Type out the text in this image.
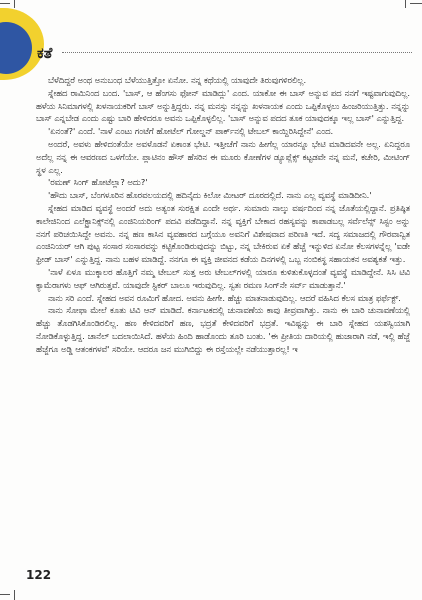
ಕತೆ

ಬೆಳೆದಿದ್ದರೆ ಅಂಥ ಅನುಬಂಧ ಬೆಳೆಯುತ್ತಿತ್ತೋ ಏನೋ. ನನ್ನ ಕಥೆಯಲ್ಲಿ ಯಾವುದೇ ತಿರುವುಗಳಿರಲಿಲ್ಲ.

ಸ್ನೇಹದ ರಾಮಿನಿಂದ ಬಂದ. 'ಬಾಸ್, ಆ ಹೆಂಗಸು ಫೋನ್ ಮಾಡಿದ್ಲು' ಎಂದ. ಯಾಕೋ ಈ ಬಾಸ್ ಅನ್ನುವ ಪದ ನನಗೆ ಇಷ್ಟವಾಗುವುದಿಲ್ಲ. ಹಳೆಯ ಸಿನಿಮಾಗಳಲ್ಲಿ ಖಳನಾಯಕರಿಗೆ ಬಾಸ್ ಅನ್ನುತ್ತಿದ್ದರು. ನನ್ನ ಮನಸ್ಸು ನನ್ನನ್ನು ಖಳನಾಯಕ ಎಂದು ಒಪ್ಪಿಕೊಳ್ಳಲು ಹಿಂಜರಿಯುತ್ತಿತ್ತು. ನನ್ನನ್ನು ಬಾಸ್ ಎನ್ನಬೇಡ ಎಂದು ಎಷ್ಟು ಬಾರಿ ಹೇಳಿದರೂ ಅವನು ಒಪ್ಪಿಕೊಳ್ಳಲಿಲ್ಲ. 'ಬಾಸ್ ಅನ್ನುವ ಪದದ ತೂಕ ಯಾವುದಕ್ಕೂ ಇಲ್ಲ ಬಾಸ್' ಎನ್ನುತ್ತಿದ್ದ.

'ಏನಂತೆ?' ಎಂದೆ. 'ನಾಳೆ ಎಂಟು ಗಂಟೆಗೆ ಹೋಟೆಲ್ ಗೋಲ್ಡನ್ ಪಾರ್ಕ್‌ನಲ್ಲಿ ಟೇಬಲ್ ಕಾಯ್ದಿರಿಸಿದ್ದೇನೆ' ಎಂದ.

ಅಂದರೆ, ಅವಳು ಹೇಳಿದಂತೆಯೇ ಅವಳೊಡನೆ ಏಕಾಂತ ಭೇಟಿ. ಇತ್ತೀಚೆಗೆ ನಾನು ಹೀಗೆಲ್ಲ ಯಾರನ್ನೂ ಭೇಟಿ ಮಾಡಿದವನೇ ಅಲ್ಲ. ಏನಿದ್ದರೂ ಅದೆಲ್ಲ ನನ್ನ ಈ ಆವರಣದ ಒಳಗೆಯೇ. ಪ್ಲಾಟಿನಂ ಹೌಸ್ ಹೆಸರಿನ ಈ ಮೂರು ಕೋಣೆಗಳ ಡ್ಯೂಪ್ಲೆಕ್ಸ್ ಕಟ್ಟಡವೇ ನನ್ನ ಮನೆ, ಕಚೇರಿ, ಮೀಟಿಂಗ್ ಸ್ಥಳ ಎಲ್ಲ.

'ರಮಣ್ ಸಿಂಗ್ ಹೋಟೆಲ್ಲಾ? ಅದು?'

'ಹೌದು ಬಾಸ್, ಬೆಂಗಳೂರಿನ ಹೊರವಲಯದಲ್ಲಿ ಹದಿನೈದು ಕಿಲೋ ಮೀಟರ್ ದೂರದಲ್ಲಿದೆ. ನಾನು ಎಲ್ಲ ವ್ಯವಸ್ಥೆ ಮಾಡಿದೀನಿ.'

ಸ್ನೇಹದ ಮಾಡಿದ ವ್ಯವಸ್ಥೆ ಅಂದರೆ ಅದು ಅತ್ಯಂತ ಸುರಕ್ಷಿತ ಎಂದೇ ಅರ್ಥ. ಸುಮಾರು ನಾಲ್ಕು ವರ್ಷದಿಂದ ನನ್ನ ಜೊತೆಯಲ್ಲಿದ್ದಾನೆ. ಪ್ರತಿಷ್ಠಿತ ಕಾಲೇಜಿನಿಂದ ಎಲೆಕ್ಟ್ರಾನಿಕ್ಸ್‌ನಲ್ಲಿ ಎಂಜಿನಿಯರಿಂಗ್ ಪದವಿ ಪಡೆದಿದ್ದಾನೆ. ನನ್ನ ವ್ಯಕ್ತಿಗೆ ಬೇಕಾದ ರಹಸ್ಯವನ್ನು ಕಾಪಾಡಬಲ್ಲ ಸರ್ವೆಲೆನ್ಸ್ ಸಿಸ್ಟಂ ಅನ್ನು ನನಗೆ ಪರಿಚಯಿಸಿದ್ದೇ ಅವನು. ನನ್ನ ಹಣ ಕಾಸಿನ ವ್ಯವಹಾರದ ಬಗ್ಗೆಯೂ ಅವನಿಗೆ ವಿಶೇಷವಾದ ಪರಿಣತಿ ಇದೆ. ಸದ್ಯ ಸಮಾಜದಲ್ಲಿ ಗೌರವಾನ್ವಿತ ಎಂಜಿನಿಯರ್ ಆಗಿ ಪುಟ್ಟ ಸಂಸಾರ ಸಂಸಾರವನ್ನು ಕಟ್ಟಿಕೊಂಡಿರುವುದನ್ನು ಬಿಟ್ಟು, ನನ್ನ ಬೇಕಿರುವ ಏಕೆ ಹೆಚ್ಚೆ ಇನ್ನುಳಿದ ಏನೋ ಕೆಲಸಗಳನ್ನೆಲ್ಲ 'ಐಡೇ ಫ್ರೀಡ್ ಬಾಸ್' ಎನ್ನುತ್ತಿದ್ದ. ನಾನು ಬಹಳ ಮಾಡಿದ್ದೆ. ನನಗೂ ಈ ವ್ಯಕ್ತಿ ಜೀವನದ ಕಡೆಯ ದಿನಗಳಲ್ಲಿ ಒಬ್ಬ ನಂಬಿಕಸ್ಥ ಸಹಾಯಕನ ಅವಶ್ಯಕತೆ ಇತ್ತು.

'ನಾಳೆ ಏಳೂ ಮುಕ್ಕಾಲರ ಹೊತ್ತಿಗೆ ನಮ್ಮ ಟೇಬಲ್ ಸುತ್ತ ಅರು ಟೇಬಲ್‌ಗಳಲ್ಲಿ ಯಾರೂ ಕುಳಿತುಕೊಳ್ಳದಂತೆ ವ್ಯವಸ್ಥೆ ಮಾಡಿದ್ದೇನೆ. ಸಿಸಿ ಟಿವಿ ಕ್ಯಾಮೆರಾಗಳು ಆಫ್ ಆಗಿರುತ್ತವೆ. ಯಾವುದೇ ಸ್ಟಿಕರ್ ಬಾಲೂ ಇರುವುದಿಲ್ಲ. ಸ್ವತಃ ರಮಣ ಸಿಂಗ್‌ನೇ ಸರ್ವ್ ಮಾಡುತ್ತಾನೆ.'

ನಾನು ಸರಿ ಎಂದೆ. ಸ್ನೇಹದ ಅವನ ರೂಮಿಗೆ ಹೋದ. ಅವನು ಹೀಗೇ. ಹೆಚ್ಚು ಮಾತನಾಡುವುದಿಲ್ಲ. ಆದರೆ ವಹಿಸಿದ ಕೆಲಸ ಮಾತ್ರ ಫರ್ಫೆಕ್ಟ್.

ನಾನು ಸೋಫಾ ಮೇಲೆ ಕೂತು ಟಿವಿ ಆನ್ ಮಾಡಿದೆ. ಕರ್ನಾಟಕದಲ್ಲಿ ಚುನಾವಣೆಯ ಕಾವು ತೀವ್ರವಾಗಿತ್ತು. ನಾನು ಈ ಬಾರಿ ಚುನಾವಣೆಯಲ್ಲಿ ಹೆಚ್ಚು ತೊಡಗಿಸಿಕೊಂಡಿರಲಿಲ್ಲ. ಹಣ ಕೇಳಿದವರಿಗೆ ಹಣ, ಭದ್ರತೆ ಕೇಳಿದವರಿಗೆ ಭದ್ರತೆ. ಇವಿಷ್ಟನ್ನು ಈ ಬಾರಿ ಸ್ನೇಹದ ಯಶಸ್ವಿಯಾಗಿ ನೋಡಿಕೊಳ್ಳುತ್ತಿದ್ದ. ಚಾನೆಲ್ ಬದಲಾಯಿಸಿದೆ. ಹಳೆಯ ಹಿಂದಿ ಹಾಡೊಂದು ತೂರಿ ಬಂತು. 'ಈ ಪ್ರೀತಿಯ ದಾರಿಯಲ್ಲಿ ಹುಜಾರಾಗಿ ನಡೆ, ಇಲ್ಲಿ ಹೆಜ್ಜೆ ಹೆಜ್ಜೆಗೂ ಅಡ್ಡಿ ಆತಂಕಗಳವೆ' ಸರಿಯೇ. ಆದರೂ ಜನ ಮುಗಿಬಿದ್ದು ಈ ರಸ್ತೆಯಲ್ಲೇ ನಡೆಯುತ್ತಾರಲ್ಲ! ಇ

122
